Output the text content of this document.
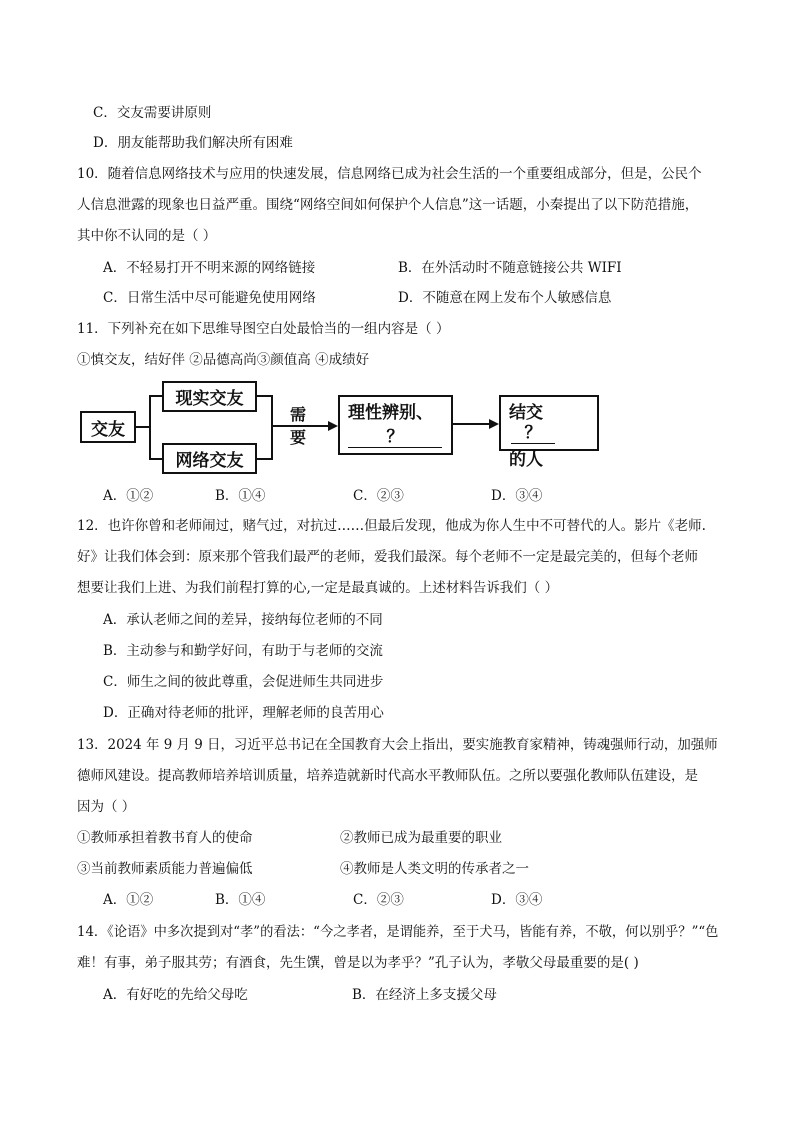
C．交友需要讲原则
D．朋友能帮助我们解决所有困难
10．随着信息网络技术与应用的快速发展，信息网络已成为社会生活的一个重要组成部分，但是，公民个
人信息泄露的现象也日益严重。围绕“网络空间如何保护个人信息”这一话题，小秦提出了以下防范措施，
其中你不认同的是（ ）
A．不轻易打开不明来源的网络链接	B．在外活动时不随意链接公共 WIFI
C．日常生活中尽可能避免使用网络	D．不随意在网上发布个人敏感信息
11．下列补充在如下思维导图空白处最恰当的一组内容是（ ）
①慎交友，结好伴 ②品德高尚③颜值高 ④成绩好
交友
现实交友
网络交友
需要
理性辨别、
？
结交 ？
的人
A．①②	B．①④	C．②③	D．③④
12．也许你曾和老师闹过，赌气过，对抗过……但最后发现，他成为你人生中不可替代的人。影片《老师.
好》让我们体会到：原来那个管我们最严的老师，爱我们最深。每个老师不一定是最完美的，但每个老师
想要让我们上进、为我们前程打算的心,一定是最真诚的。上述材料告诉我们（ ）
A．承认老师之间的差异，接纳每位老师的不同
B．主动参与和勤学好问，有助于与老师的交流
C．师生之间的彼此尊重，会促进师生共同进步
D．正确对待老师的批评，理解老师的良苦用心
13．2024 年 9 月 9 日，习近平总书记在全国教育大会上指出，要实施教育家精神，铸魂强师行动，加强师
德师风建设。提高教师培养培训质量，培养造就新时代高水平教师队伍。之所以要强化教师队伍建设，是
因为（ ）
①教师承担着教书育人的使命	②教师已成为最重要的职业
③当前教师素质能力普遍偏低	④教师是人类文明的传承者之一
A．①②	B．①④	C．②③	D．③④
14．《论语》中多次提到对“孝”的看法：“今之孝者，是谓能养，至于犬马，皆能有养，不敬，何以别乎？”“色
难！有事，弟子服其劳；有酒食，先生馔，曾是以为孝乎？”孔子认为，孝敬父母最重要的是( )
A．有好吃的先给父母吃	B．在经济上多支援父母
